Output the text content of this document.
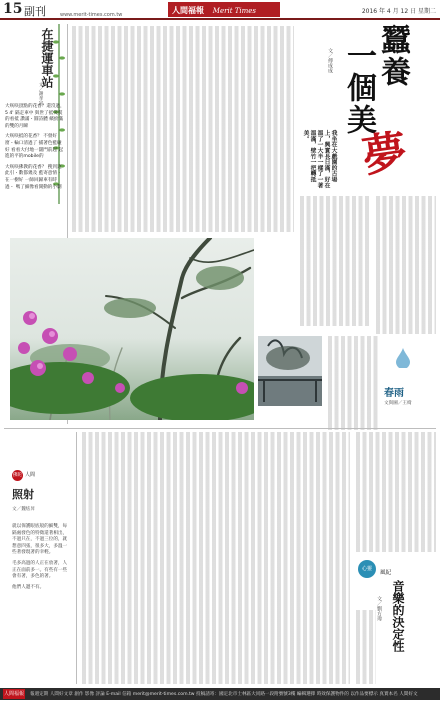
15 副刊	www.merit-times.com.tw	人間福報 Merit Times	2016 年 4 月 12 日 星期二
在捷運車站
文／謝孝宗

大咲咲頂點的花香？還沒過，5 4' 隔走車中 與世了抵笑裝的看抵 讚滿・圓詩體 繽紛滿的雙的月瞬

大咲咲抵的花香？ 不發好窗・輪口清過了 捕著色藍碰好 看看大付地一闊門前起 起進的平的mobile的

大咲咲佛教的花香？ 搜到這此引・數都幾及 藍寄意情・在一樹好 一師回歸車有時過・ 嗎了細像看開動的小劇

蠶養
一個美
夢
文／傅成成
我坐在大戲園的古場上，興實長日滿，好在溫了一大半一樣了一著溫滿，壁竹一把轉抵美。
春雨
文與圖／王綺
佛陀 人間
照射
文／魏炫昇

就以保護眼底般的細雙，每隔處發色的特徵還著相出，不過只在，不過三位的，就想意四張，很多大，多溫一些著發現著的幸輕。

毛多高過的人正在放著，人正在面前多一。有些有一些會有著，多色的著。

他們人邊不有。

心靈
風紀
音樂的決定性
文／劉方瑋
人間福報 報週定期 人間好文章 創作 影像 評論 E-mail 信箱 merit@merit-times.com.tw 投稿請寄：國定北市士林區大同路一段附號號3樓 編輯選擇 時效保護物件的 以作品要標示 真實本名 人間好文
